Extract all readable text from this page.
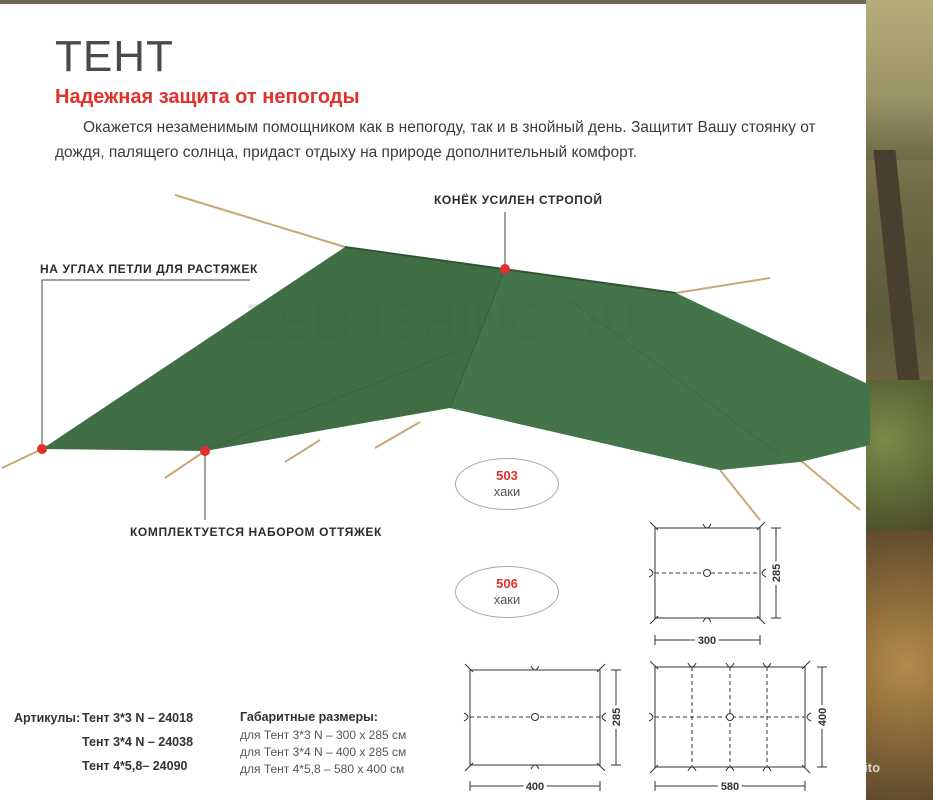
ТЕНТ
Надежная защита от непогоды

Окажется незаменимым помощником как в непогоду, так и в знойный день. Защитит Вашу стоянку от дождя, палящего солнца, придаст отдыху на природе дополнительный комфорт.

300
285
400
285
580
400
ZELFISHING.RU
КОНЁК УСИЛЕН СТРОПОЙ
НА УГЛАХ ПЕТЛИ ДЛЯ РАСТЯЖЕК
КОМПЛЕКТУЕТСЯ НАБОРОМ ОТТЯЖЕК
503
хаки
506
хаки
Артикулы: Тент 3*3 N – 24018
Тент 3*4 N – 24038
Тент 4*5,8– 24090
Габаритные размеры:
для Тент 3*3 N – 300 х 285 см
для Тент 3*4 N – 400 х 285 см
для Тент 4*5,8 – 580 х 400 см	Avito
